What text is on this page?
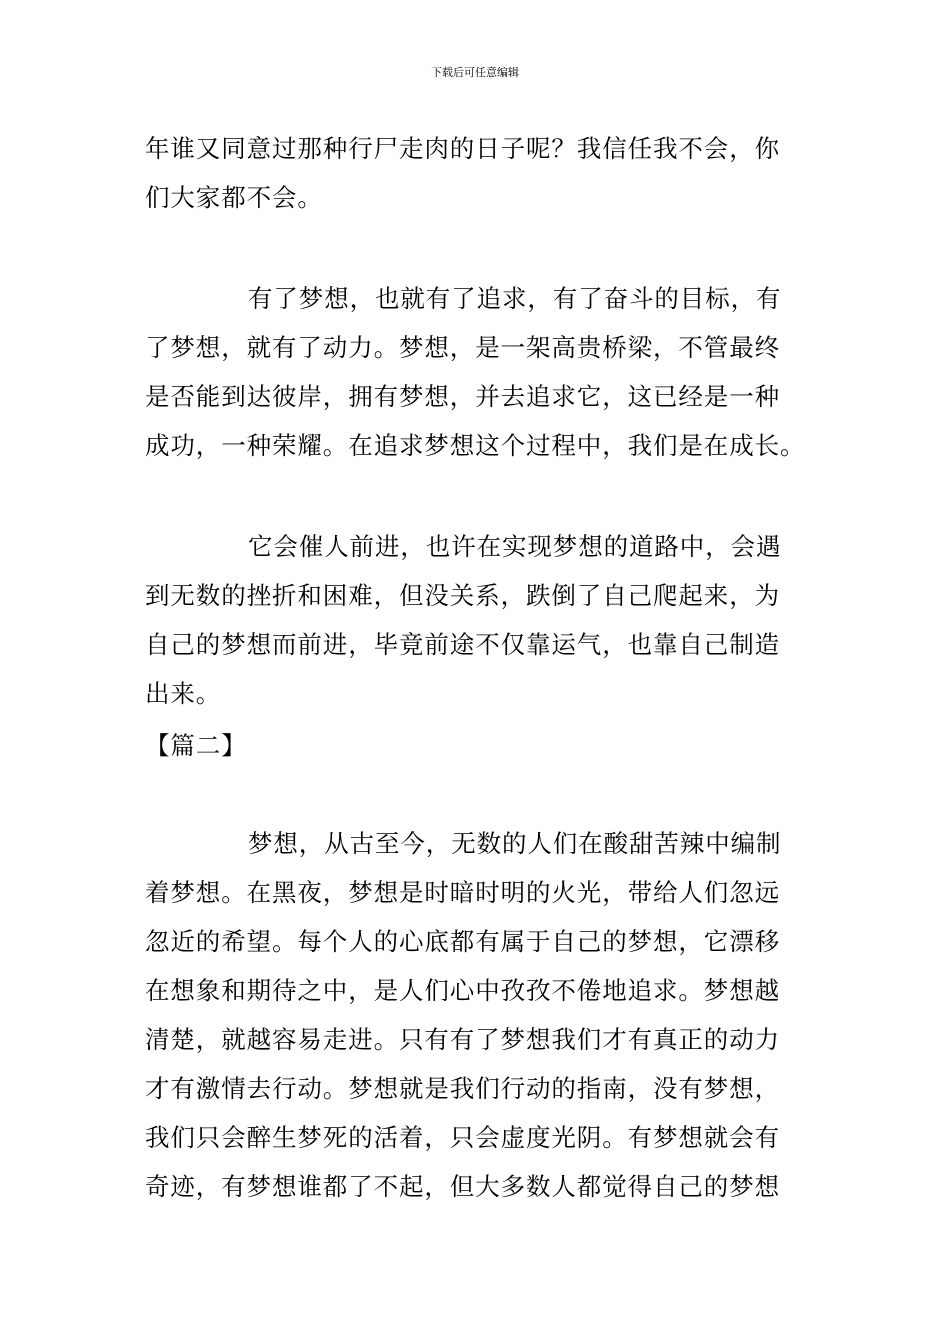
下载后可任意编辑
年谁又同意过那种行尸走肉的日子呢？我信任我不会，你
们大家都不会。
有了梦想，也就有了追求，有了奋斗的目标，有
了梦想，就有了动力。梦想，是一架高贵桥梁，不管最终
是否能到达彼岸，拥有梦想，并去追求它，这已经是一种
成功，一种荣耀。在追求梦想这个过程中，我们是在成长。
它会催人前进，也许在实现梦想的道路中，会遇
到无数的挫折和困难，但没关系，跌倒了自己爬起来，为
自己的梦想而前进，毕竟前途不仅靠运气，也靠自己制造
出来。
【篇二】
梦想，从古至今，无数的人们在酸甜苦辣中编制
着梦想。在黑夜，梦想是时暗时明的火光，带给人们忽远
忽近的希望。每个人的心底都有属于自己的梦想，它漂移
在想象和期待之中，是人们心中孜孜不倦地追求。梦想越
清楚，就越容易走进。只有有了梦想我们才有真正的动力
才有激情去行动。梦想就是我们行动的指南，没有梦想，
我们只会醉生梦死的活着，只会虚度光阴。有梦想就会有
奇迹，有梦想谁都了不起，但大多数人都觉得自己的梦想
